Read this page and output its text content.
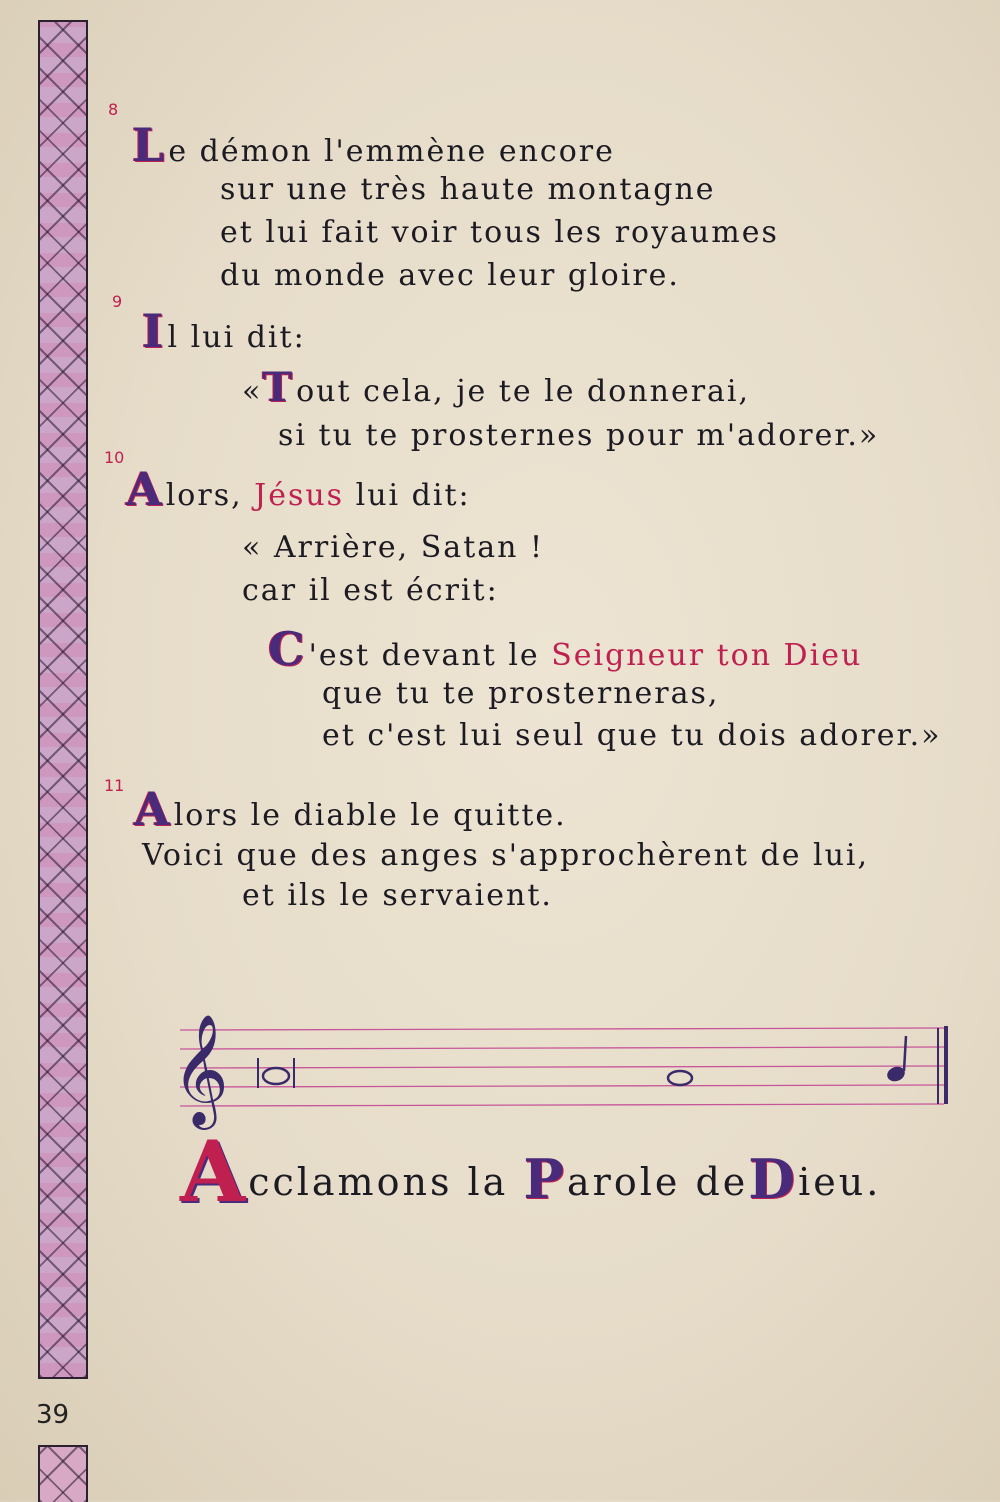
39
8
Le démon l'emmène encore
sur une très haute montagne
et lui fait voir tous les royaumes
du monde avec leur gloire.
9
Il lui dit:
«Tout cela, je te le donnerai,
si tu te prosternes pour m'adorer.»
10
Alors, Jésus lui dit:
« Arrière, Satan !
car il est écrit:
C'est devant le Seigneur ton Dieu
que tu te prosterneras,
et c'est lui seul que tu dois adorer.»
11 Alors le diable le quitte.
Voici que des anges s'approchèrent de lui,
et ils le servaient.
𝄞
Acclamons la Parole deDieu.
